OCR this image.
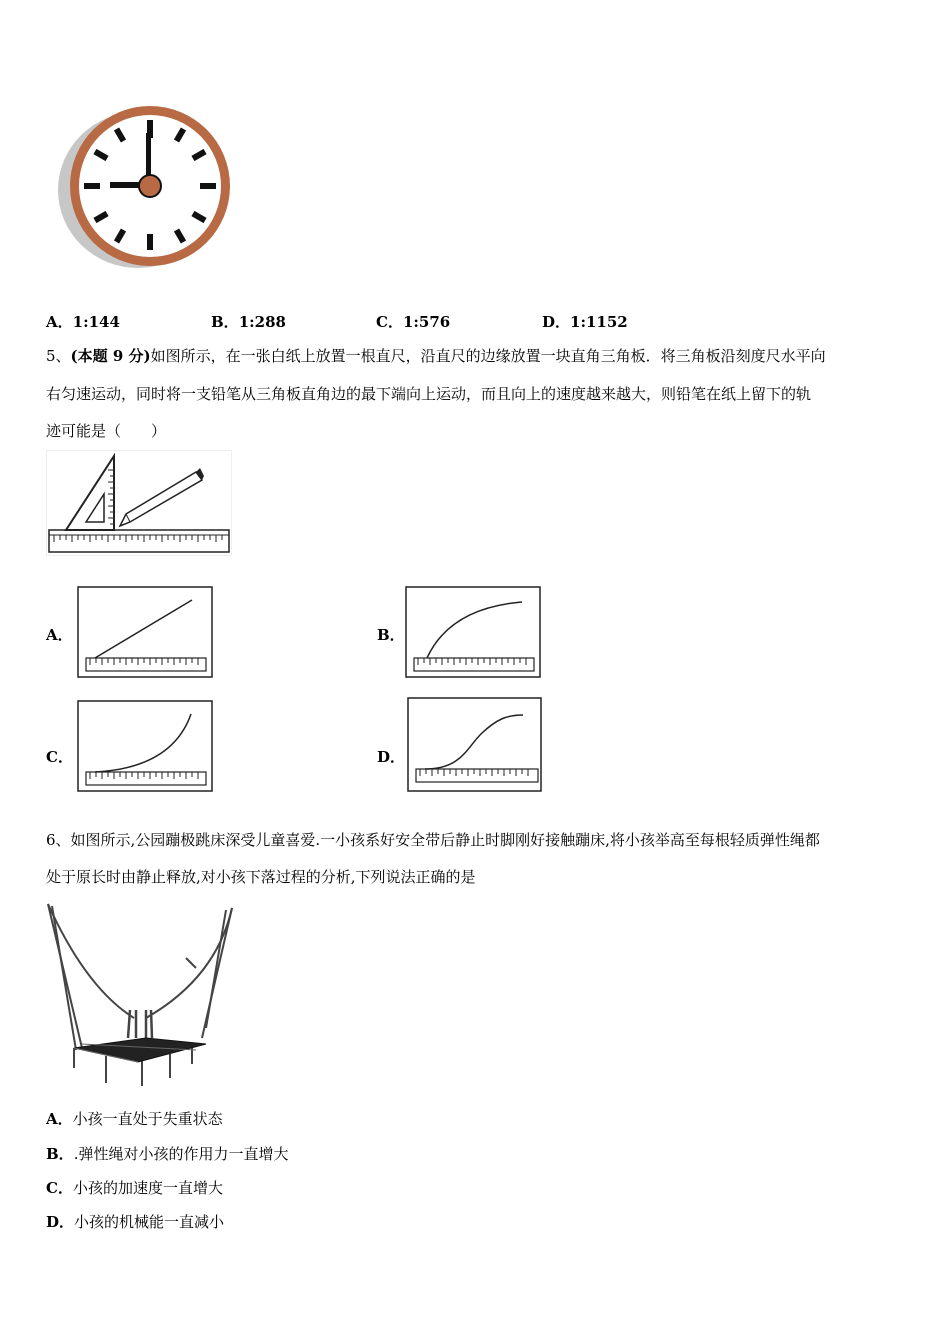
A．1:144	B．1:288	C．1:576	D．1:1152
5、(本题 9 分)如图所示，在一张白纸上放置一根直尺，沿直尺的边缘放置一块直角三角板．将三角板沿刻度尺水平向
右匀速运动，同时将一支铅笔从三角板直角边的最下端向上运动，而且向上的速度越来越大，则铅笔在纸上留下的轨
迹可能是（　　）
A．	B．
C．	D．
6、如图所示,公园蹦极跳床深受儿童喜爱.一小孩系好安全带后静止时脚刚好接触蹦床,将小孩举高至每根轻质弹性绳都
处于原长时由静止释放,对小孩下落过程的分析,下列说法正确的是
A．小孩一直处于失重状态
B．.弹性绳对小孩的作用力一直增大
C．小孩的加速度一直增大
D．小孩的机械能一直减小
